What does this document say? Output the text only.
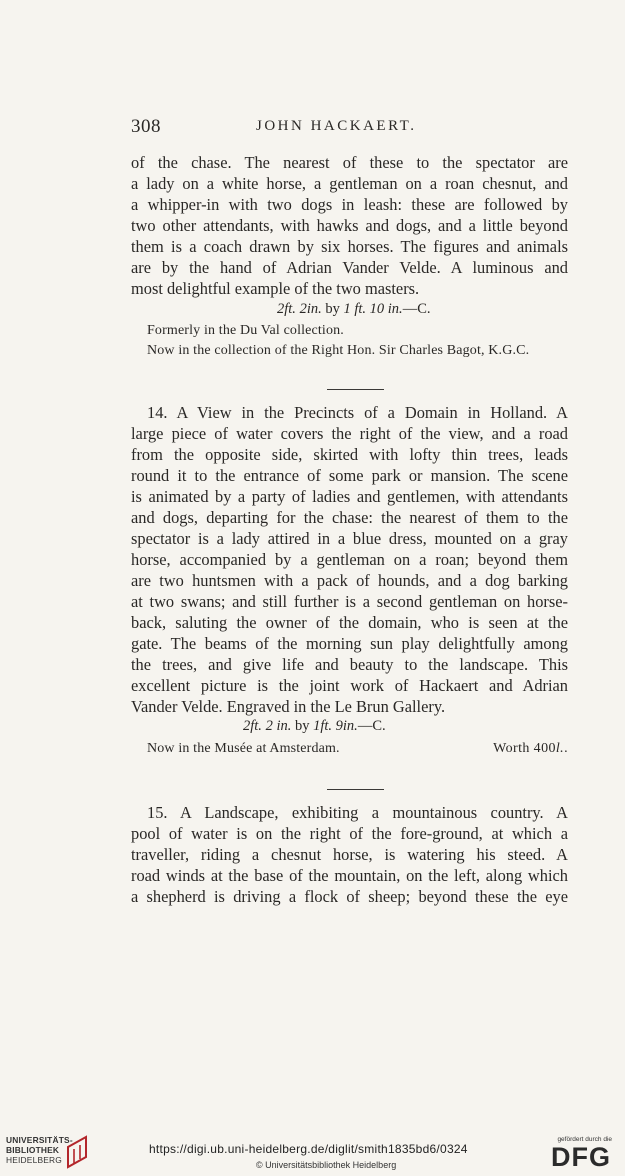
308	JOHN HACKAERT.
of the chase. The nearest of these to the spectator are
a lady on a white horse, a gentleman on a roan chesnut, and
a whipper-in with two dogs in leash: these are followed by
two other attendants, with hawks and dogs, and a little beyond
them is a coach drawn by six horses. The figures and animals
are by the hand of Adrian Vander Velde. A luminous and
most delightful example of the two masters.
2ft. 2in. by 1 ft. 10 in.—C.
Formerly in the Du Val collection.
Now in the collection of the Right Hon. Sir Charles Bagot, K.G.C.
14. A View in the Precincts of a Domain in Holland. A
large piece of water covers the right of the view, and a road
from the opposite side, skirted with lofty thin trees, leads
round it to the entrance of some park or mansion. The scene
is animated by a party of ladies and gentlemen, with attendants
and dogs, departing for the chase: the nearest of them to the
spectator is a lady attired in a blue dress, mounted on a gray
horse, accompanied by a gentleman on a roan; beyond them
are two huntsmen with a pack of hounds, and a dog barking
at two swans; and still further is a second gentleman on horse-
back, saluting the owner of the domain, who is seen at the
gate. The beams of the morning sun play delightfully among
the trees, and give life and beauty to the landscape. This
excellent picture is the joint work of Hackaert and Adrian
Vander Velde. Engraved in the Le Brun Gallery.
2ft. 2 in. by 1ft. 9in.—C.
Now in the Musée at Amsterdam.	Worth 400l..
15. A Landscape, exhibiting a mountainous country. A
pool of water is on the right of the fore-ground, at which a
traveller, riding a chesnut horse, is watering his steed. A
road winds at the base of the mountain, on the left, along which
a shepherd is driving a flock of sheep; beyond these the eye
UNIVERSITÄTS-
BIBLIOTHEK
HEIDELBERG
https://digi.ub.uni-heidelberg.de/diglit/smith1835bd6/0324
© Universitätsbibliothek Heidelberg
gefördert durch die
DFG
